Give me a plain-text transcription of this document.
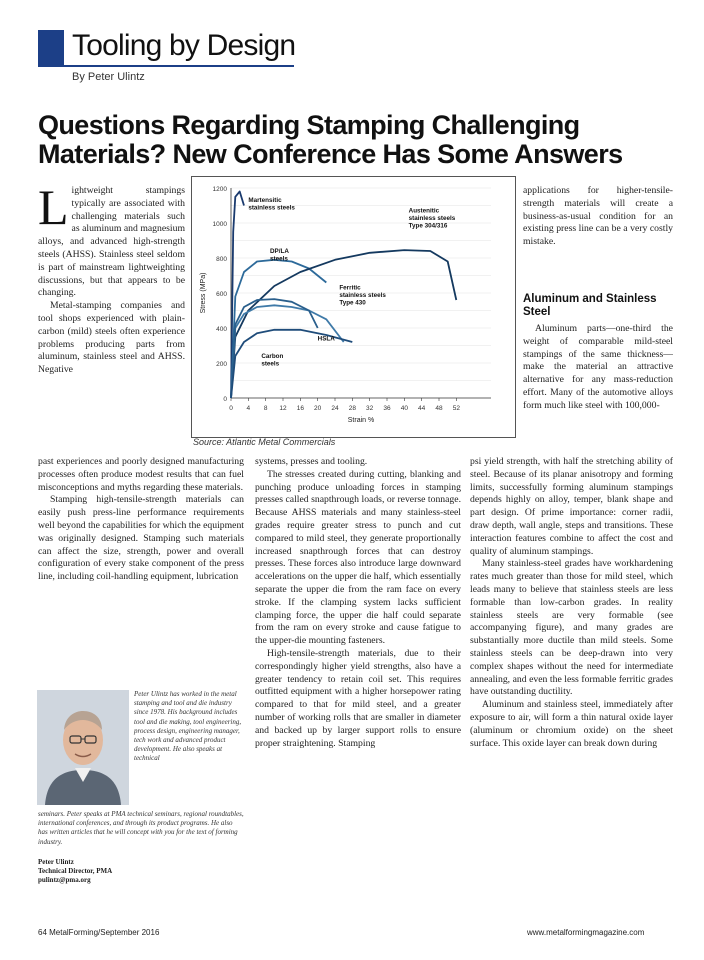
Tooling by Design
By Peter Ulintz
Questions Regarding Stamping Challenging Materials? New Conference Has Some Answers

Lightweight stampings typically are associated with challenging materials such as aluminum and magnesium alloys, and advanced high-strength steels (AHSS). Stainless steel seldom is part of mainstream lightweighting discussions, but that appears to be changing.

Metal-stamping companies and tool shops experienced with plain-carbon (mild) steels often experience problems producing parts from aluminum, stainless steel and AHSS. Negative

0
200
400
600
800
1000
1200
0 4 8 12 16 20 24 28 32 36 40 44 48 52
Strain %
Stress (MPa)
Martensitic stainless steels
DP/LA steels
Austenitic stainless steels Type 304/316
Ferritic stainless steels Type 430
HSLA
Carbon steels
Source: Atlantic Metal Commercials

past experiences and poorly designed manufacturing processes often produce modest results that can fuel misconceptions and myths regarding these materials.

Stamping high-tensile-strength materials can easily push press-line performance requirements well beyond the capabilities for which the equipment was originally designed. Stamping such materials can affect the size, strength, power and overall configuration of every stake component of the press line, including coil-handling equipment, lubrication

Peter Ulintz has worked in the metal stamping and tool and die industry since 1978. His background includes tool and die making, tool engineering, process design, engineering manager, tech work and advanced product development. He also speaks at technical
seminars. Peter speaks at PMA technical seminars, regional roundtables, international conferences, and through its product programs. He also has written articles that he will concept with you for the text of forming industry.
Peter Ulintz
Technical Director, PMA
pulintz@pma.org

systems, presses and tooling.

The stresses created during cutting, blanking and punching produce unloading forces in stamping presses called snapthrough loads, or reverse tonnage. Because AHSS materials and many stainless-steel grades require greater stress to punch and cut compared to mild steel, they generate proportionally increased snapthrough forces that can destroy presses. These forces also introduce large downward accelerations on the upper die half, which essentially separate the upper die from the ram face on every stroke. If the clamping system lacks sufficient clamping force, the upper die half could separate from the ram on every stroke and cause fatigue to the upper-die mounting fasteners.

High-tensile-strength materials, due to their correspondingly higher yield strengths, also have a greater tendency to retain coil set. This requires outfitted equipment with a higher horsepower rating compared to that for mild steel, and a greater number of working rolls that are smaller in diameter and backed up by larger support rolls to ensure proper straightening. Stamping

applications for higher-tensile-strength materials will create a business-as-usual condition for an existing press line can be a very costly mistake.

Aluminum and Stainless Steel

Aluminum parts—one-third the weight of comparable mild-steel stampings of the same thickness—make the material an attractive alternative for any mass-reduction effort. Many of the automotive alloys form much like steel with 100,000-

psi yield strength, with half the stretching ability of steel. Because of its planar anisotropy and forming limits, successfully forming aluminum stampings depends highly on alloy, temper, blank shape and part design. Of prime importance: corner radii, draw depth, wall angle, steps and transitions. These interaction features combine to affect the cost and quality of aluminum stampings.

Many stainless-steel grades have workhardening rates much greater than those for mild steel, which leads many to believe that stainless steels are less formable than low-carbon grades. In reality stainless steels are very formable (see accompanying figure), and many grades are substantially more ductile than mild steels. Some stainless steels can be deep-drawn into very complex shapes without the need for intermediate annealing, and even the less formable ferritic grades have outstanding ductility.

Aluminum and stainless steel, immediately after exposure to air, will form a thin natural oxide layer (aluminum or chromium oxide) on the sheet surface. This oxide layer can break down during

64 MetalForming/September 2016	www.metalformingmagazine.com
